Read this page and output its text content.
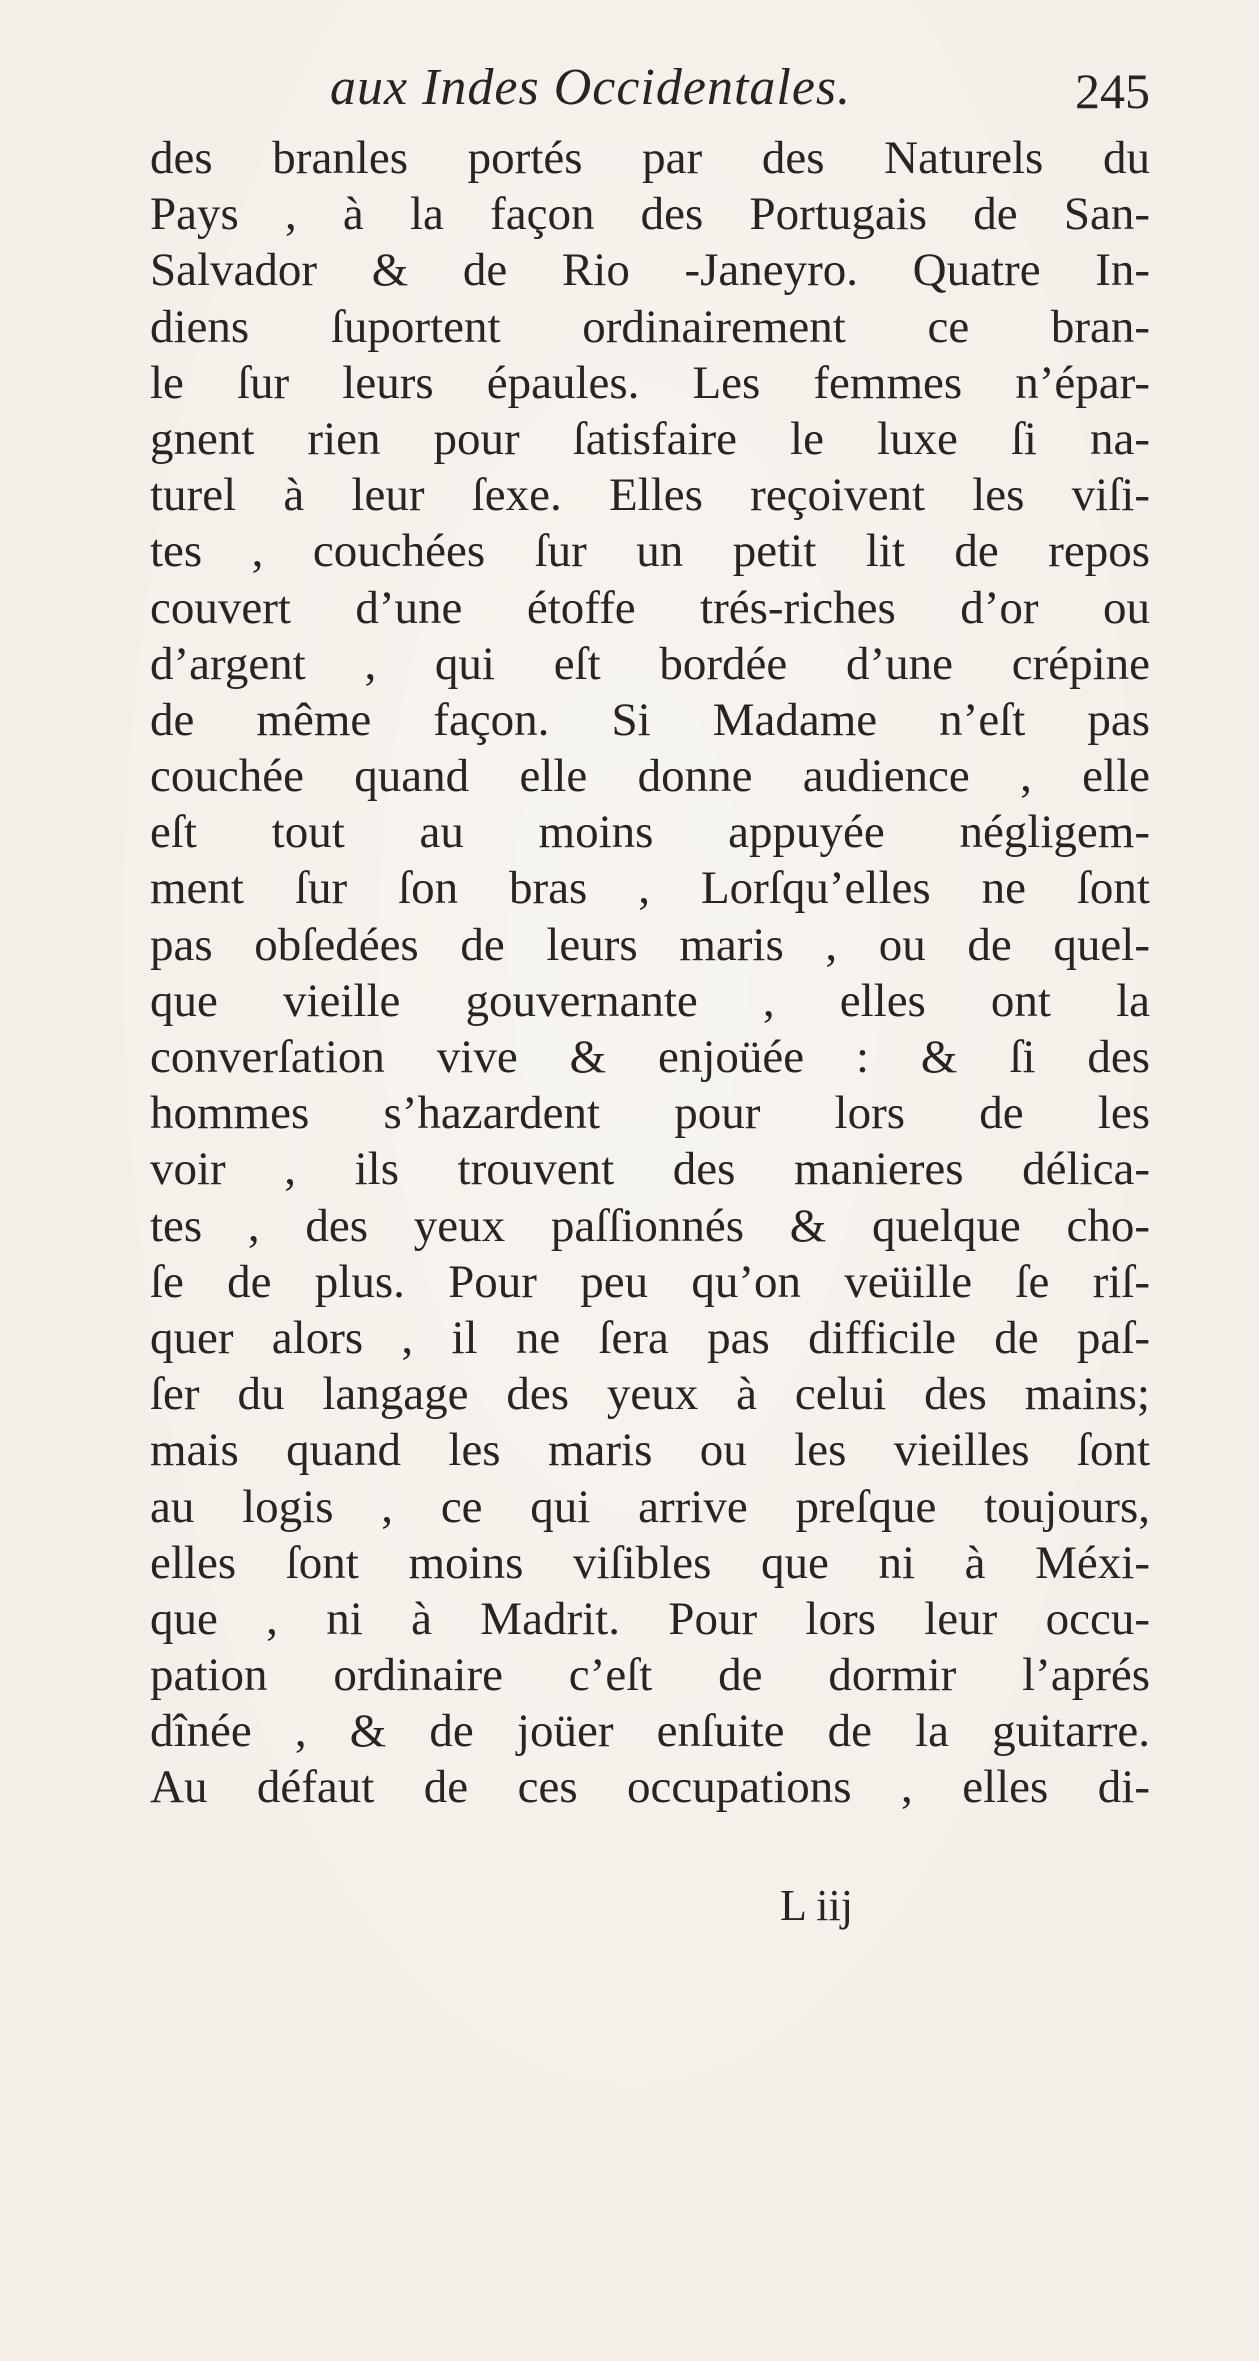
aux Indes Occidentales.	245
des branles portés par des Naturels du
Pays , à la façon des Portugais de San-
Salvador & de Rio -Janeyro. Quatre In-
diens ſuportent ordinairement ce bran-
le ſur leurs épaules. Les femmes n’épar-
gnent rien pour ſatisfaire le luxe ſi na-
turel à leur ſexe. Elles reçoivent les viſi-
tes , couchées ſur un petit lit de repos
couvert d’une étoffe trés-riches d’or ou
d’argent , qui eſt bordée d’une crépine
de même façon. Si Madame n’eſt pas
couchée quand elle donne audience , elle
eſt tout au moins appuyée négligem-
ment ſur ſon bras , Lorſqu’elles ne ſont
pas obſedées de leurs maris , ou de quel-
que vieille gouvernante , elles ont la
converſation vive & enjoüée : & ſi des
hommes s’hazardent pour lors de les
voir , ils trouvent des manieres délica-
tes , des yeux paſſionnés & quelque cho-
ſe de plus. Pour peu qu’on veüille ſe riſ-
quer alors , il ne ſera pas difficile de paſ-
ſer du langage des yeux à celui des mains;
mais quand les maris ou les vieilles ſont
au logis , ce qui arrive preſque toujours,
elles ſont moins viſibles que ni à Méxi-
que , ni à Madrit. Pour lors leur occu-
pation ordinaire c’eſt de dormir l’aprés
dînée , & de joüer enſuite de la guitarre.
Au défaut de ces occupations , elles di-
L iij
